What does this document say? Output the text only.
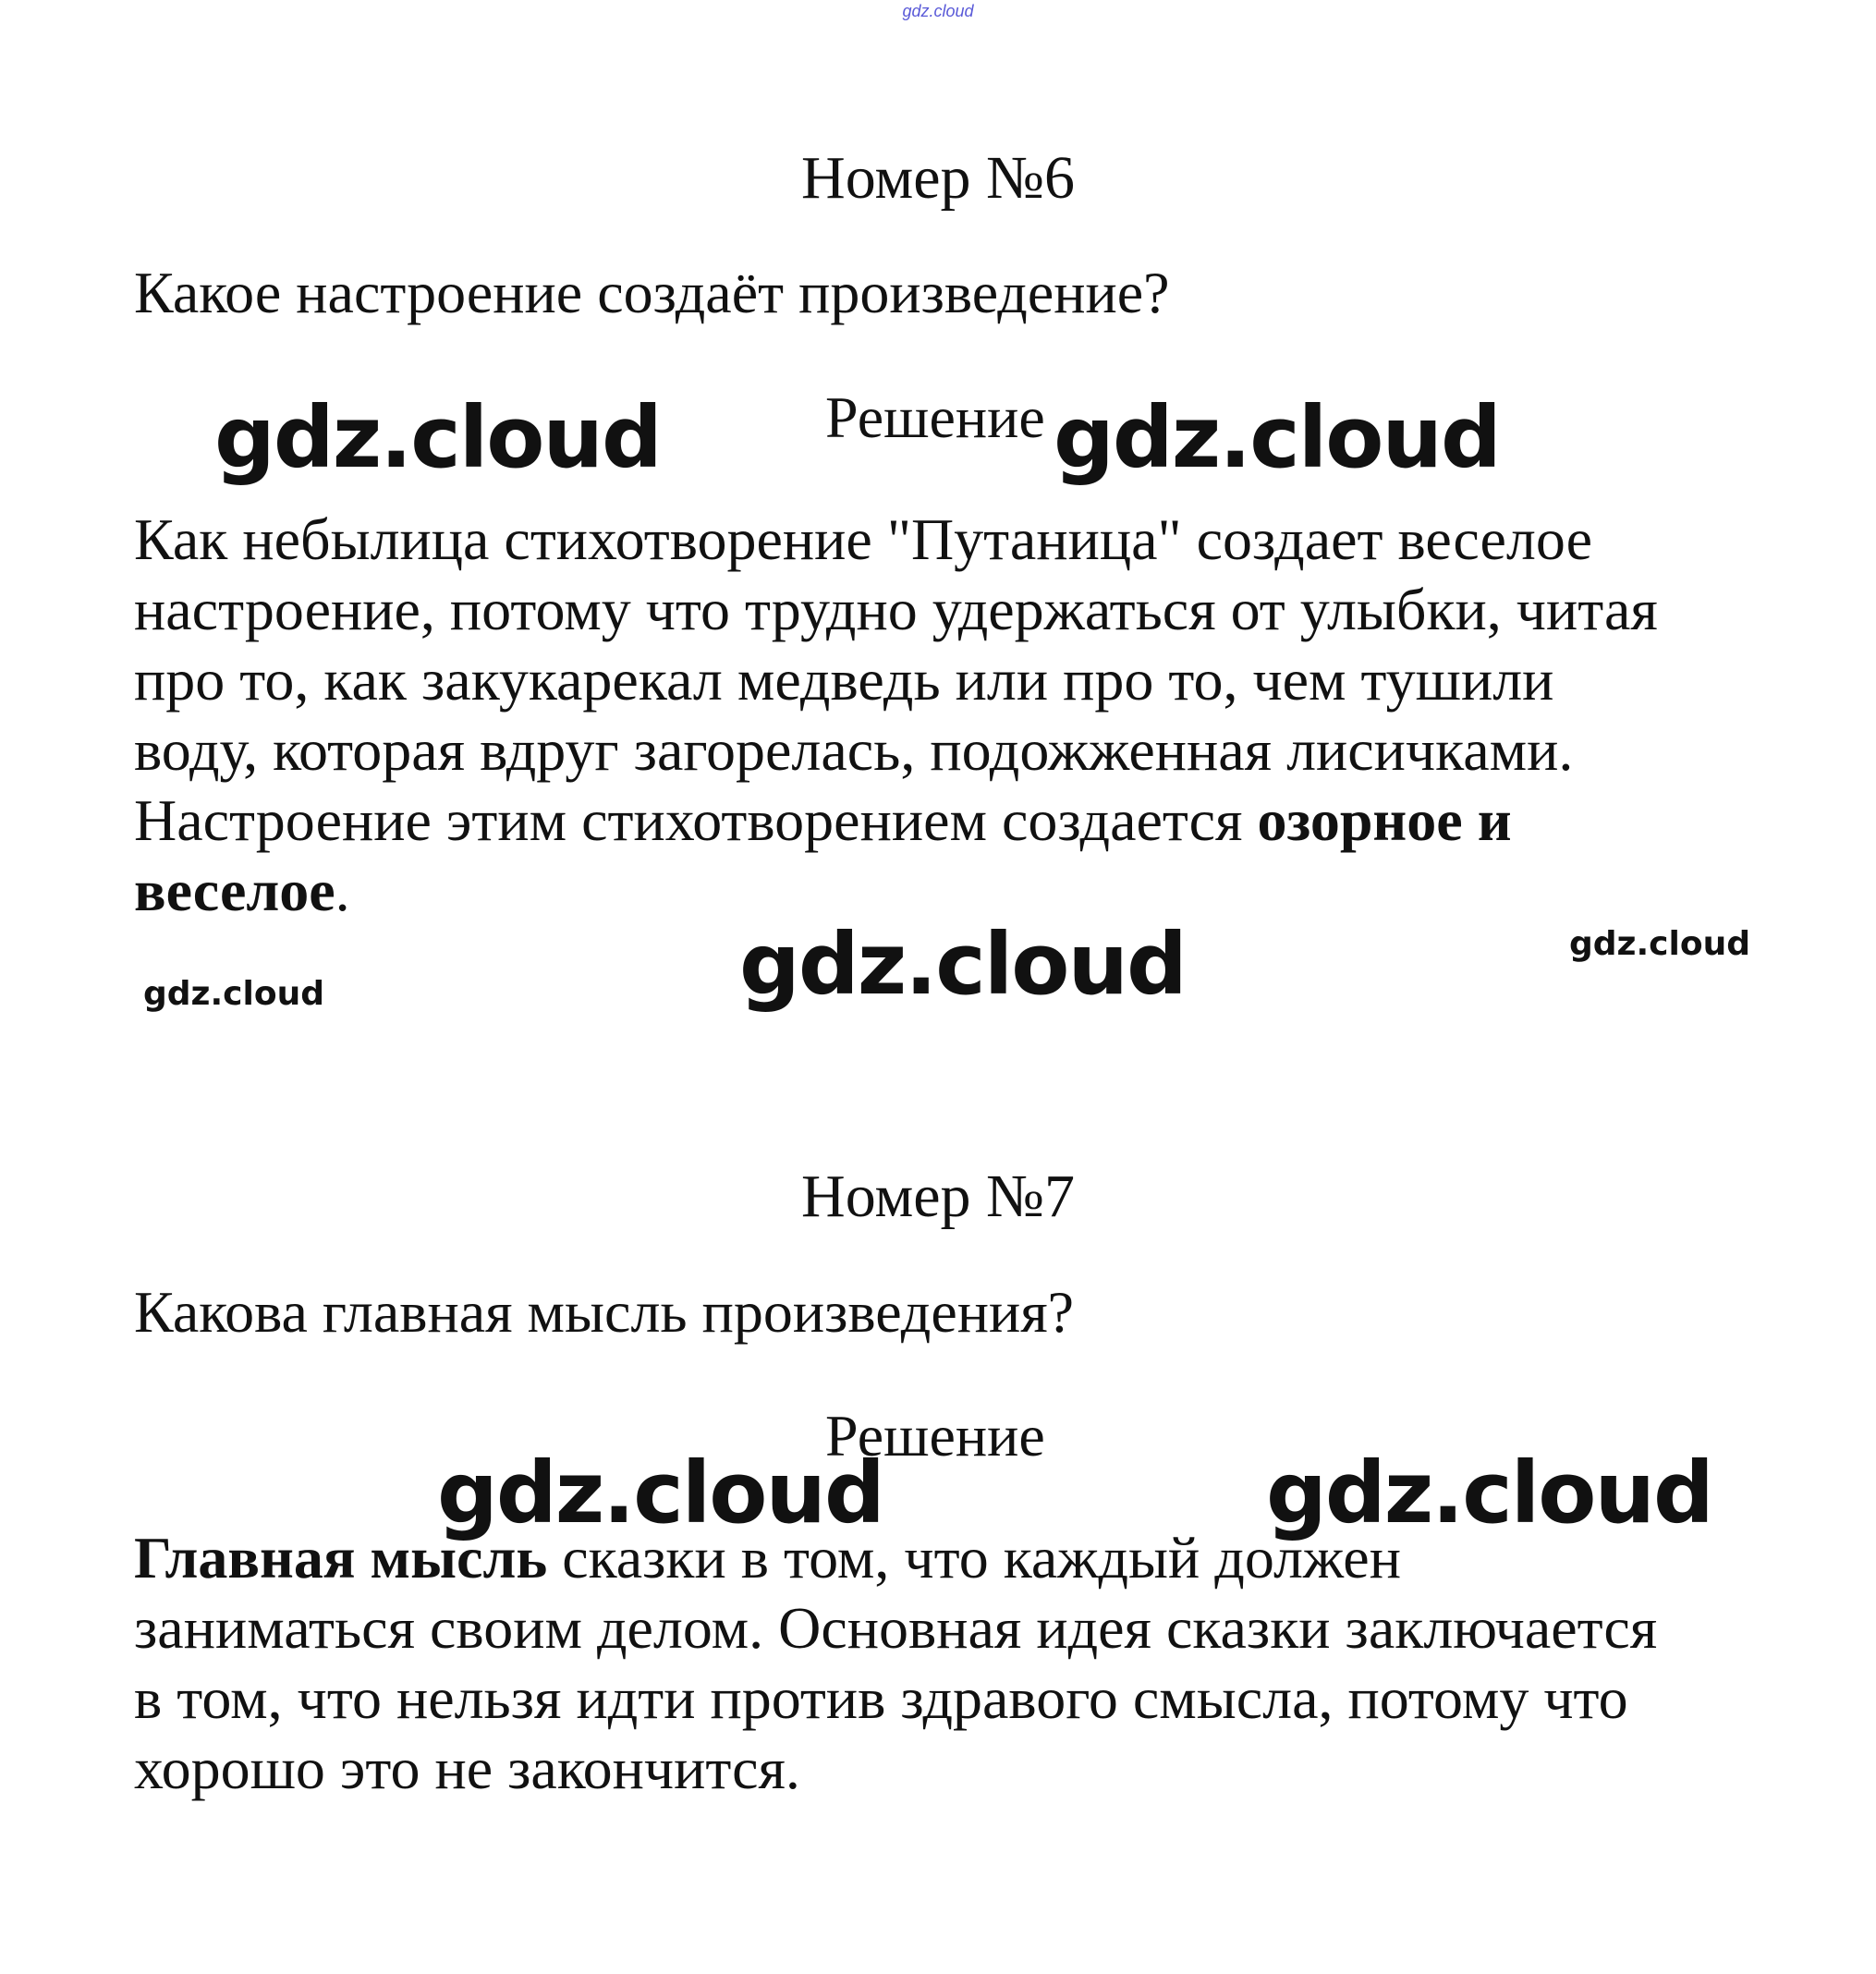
gdz.cloud
Номер №6
Какое настроение создаёт произведение?
gdz.cloud	Решение gdz.cloud
Как небылица стихотворение "Путаница" создает веселое
настроение, потому что трудно удержаться от улыбки, читая
про то, как закукарекал медведь или про то, чем тушили
воду, которая вдруг загорелась, подожженная лисичками.
Настроение этим стихотворением создается озорное и
веселое.
gdz.cloud
gdz.cloud
gdz.cloud
Номер №7
Какова главная мысль произведения?
Решение
Главная мысль сказки в том, что каждый должен
заниматься своим делом. Основная идея сказки заключается
в том, что нельзя идти против здравого смысла, потому что
хорошо это не закончится.
gdz.cloud	gdz.cloud
